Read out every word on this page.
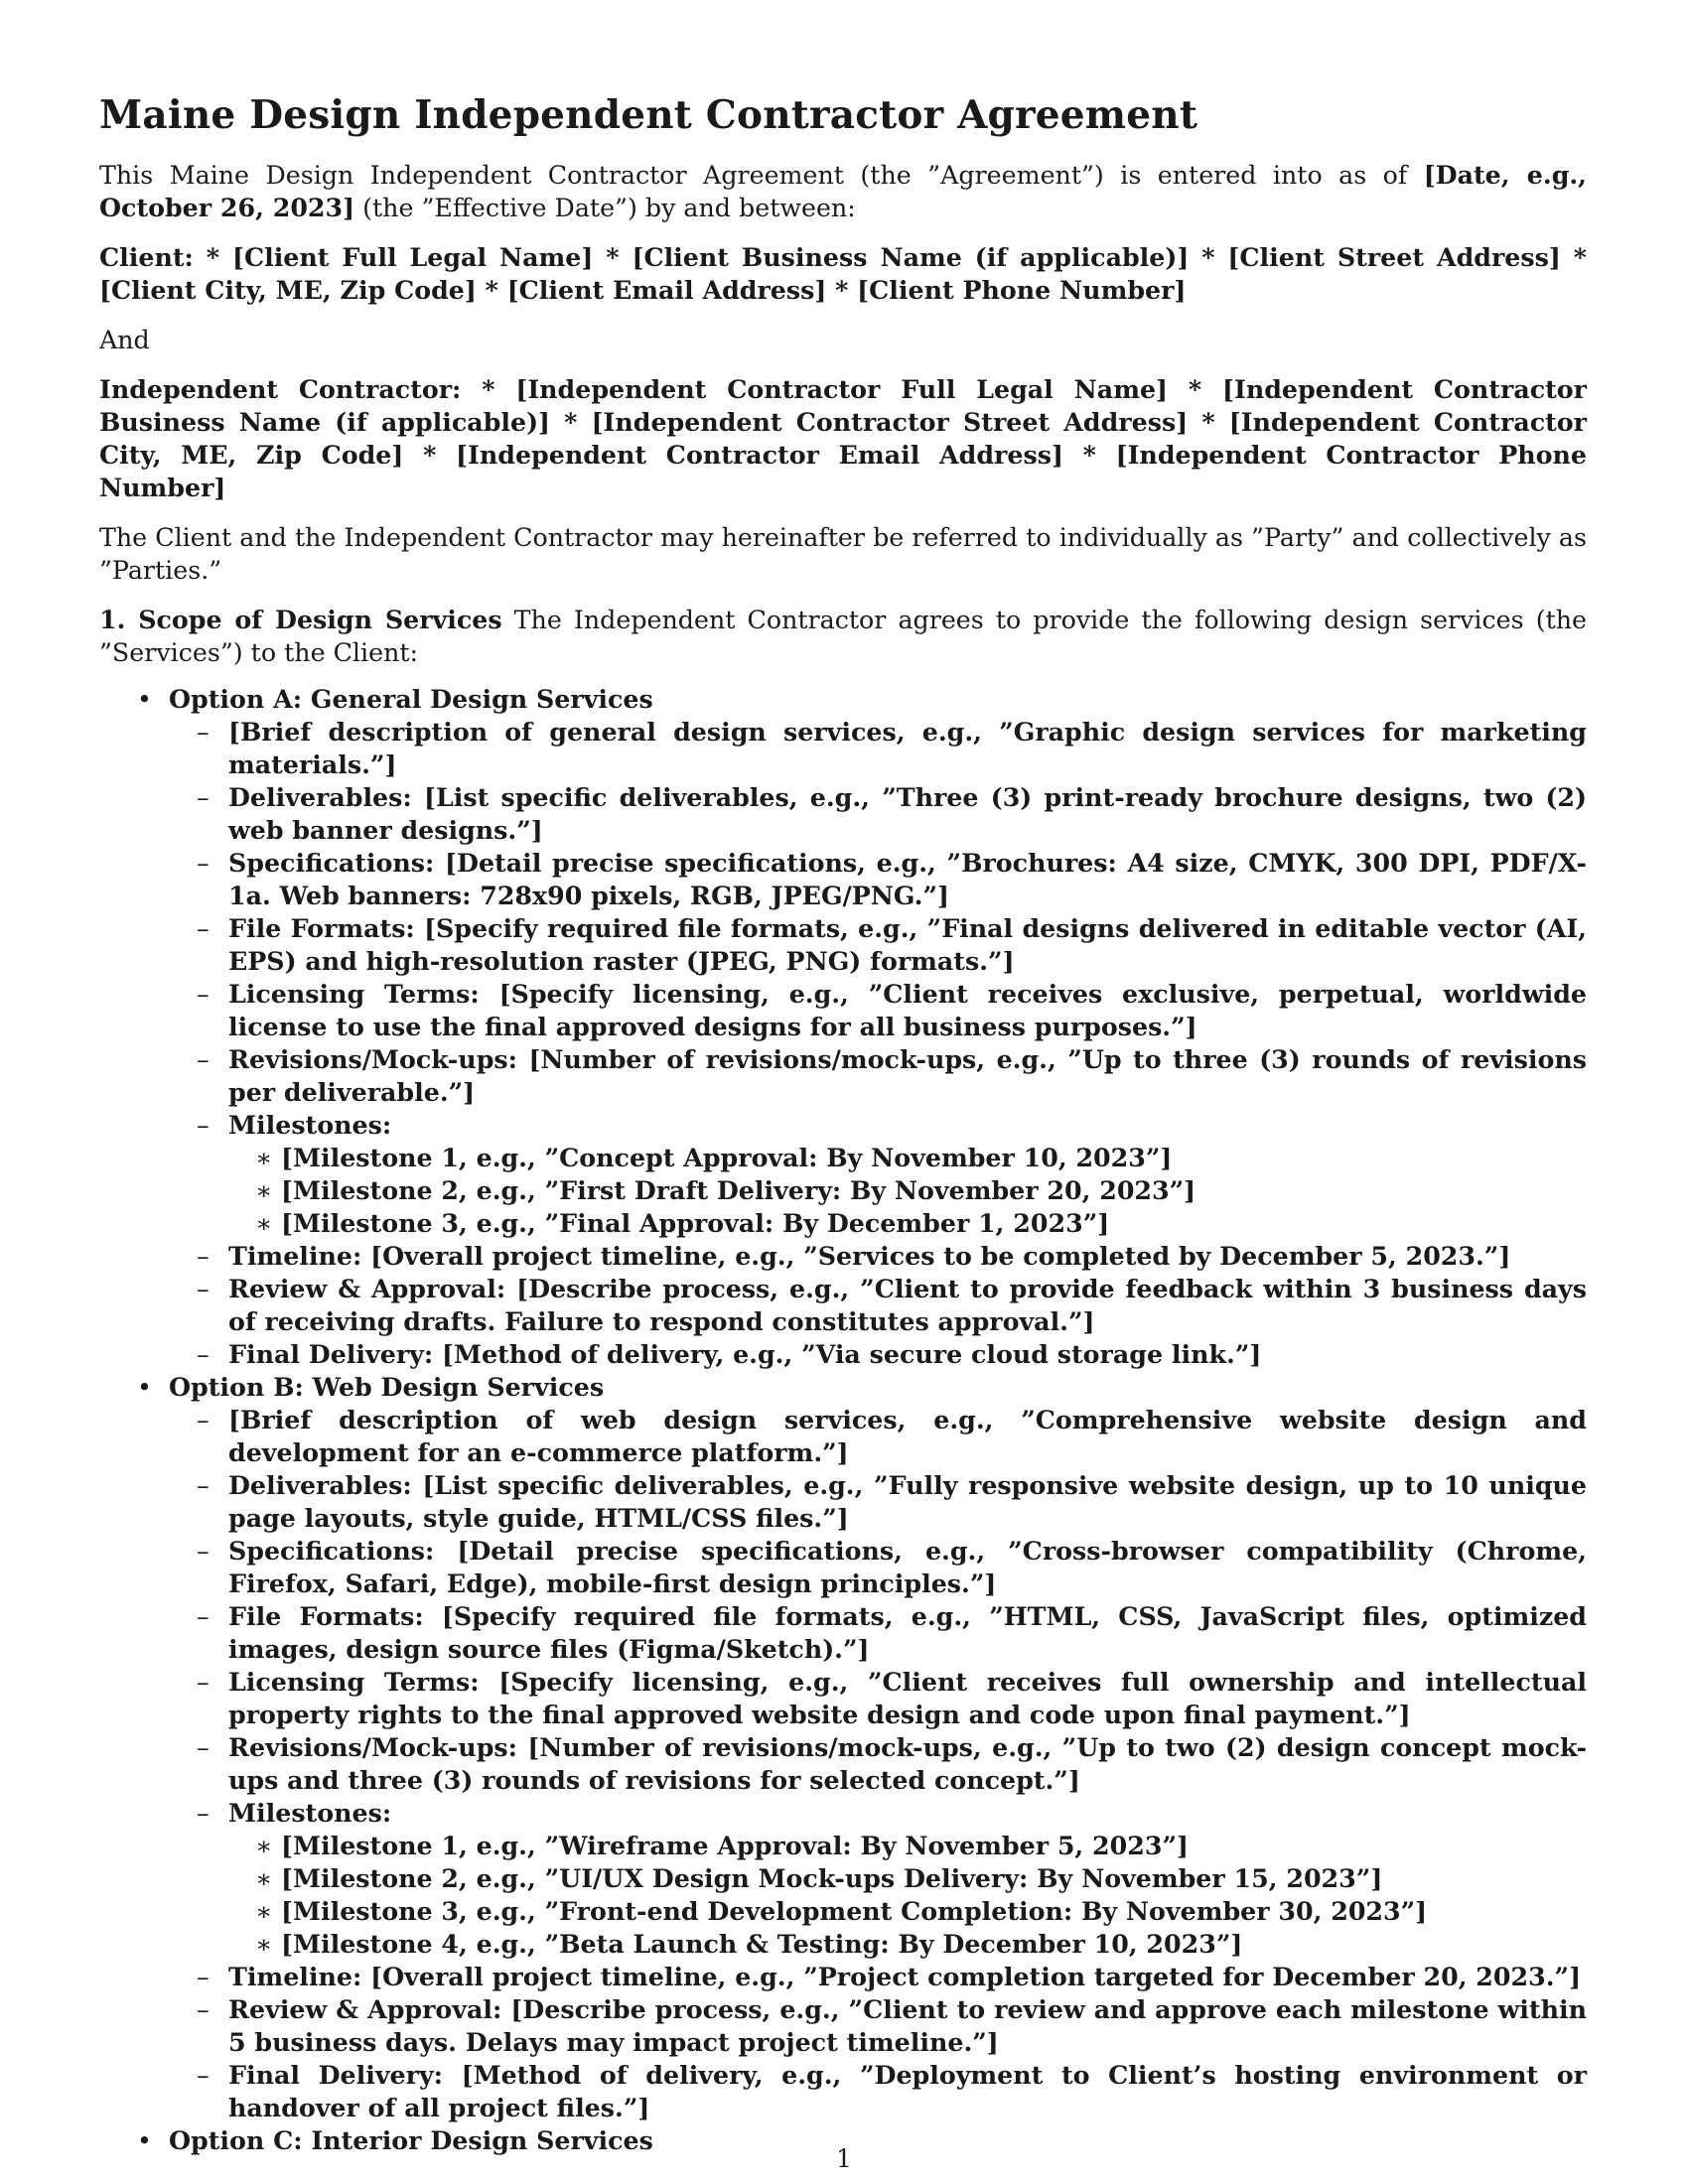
Maine Design Independent Contractor Agreement

This Maine Design Independent Contractor Agreement (the ”Agreement”) is entered into as of [Date, e.g., October 26, 2023] (the ”Effective Date”) by and between:

Client: * [Client Full Legal Name] * [Client Business Name (if applicable)] * [Client Street Address] * [Client City, ME, Zip Code] * [Client Email Address] * [Client Phone Number]

And

Independent Contractor: * [Independent Contractor Full Legal Name] * [Independent Contractor Business Name (if applicable)] * [Independent Contractor Street Address] * [Independent Contractor City, ME, Zip Code] * [Independent Contractor Email Address] * [Independent Contractor Phone Number]

The Client and the Independent Contractor may hereinafter be referred to individually as ”Party” and collectively as ”Parties.”

1. Scope of Design Services The Independent Contractor agrees to provide the following design services (the ”Services”) to the Client:

• Option A: General Design Services
– [Brief description of general design services, e.g., ”Graphic design services for marketing materials.”]
– Deliverables: [List specific deliverables, e.g., ”Three (3) print-ready brochure designs, two (2) web banner designs.”]
– Specifications: [Detail precise specifications, e.g., ”Brochures: A4 size, CMYK, 300 DPI, PDF/X-1a. Web banners: 728x90 pixels, RGB, JPEG/PNG.”]
– File Formats: [Specify required file formats, e.g., ”Final designs delivered in editable vector (AI, EPS) and high-resolution raster (JPEG, PNG) formats.”]
– Licensing Terms: [Specify licensing, e.g., ”Client receives exclusive, perpetual, worldwide license to use the final approved designs for all business purposes.”]
– Revisions/Mock-ups: [Number of revisions/mock-ups, e.g., ”Up to three (3) rounds of revisions per deliverable.”]
– Milestones:
∗ [Milestone 1, e.g., ”Concept Approval: By November 10, 2023”]
∗ [Milestone 2, e.g., ”First Draft Delivery: By November 20, 2023”]
∗ [Milestone 3, e.g., ”Final Approval: By December 1, 2023”]
– Timeline: [Overall project timeline, e.g., ”Services to be completed by December 5, 2023.”]
– Review & Approval: [Describe process, e.g., ”Client to provide feedback within 3 business days of receiving drafts. Failure to respond constitutes approval.”]
– Final Delivery: [Method of delivery, e.g., ”Via secure cloud storage link.”]
• Option B: Web Design Services
– [Brief description of web design services, e.g., ”Comprehensive website design and development for an e-commerce platform.”]
– Deliverables: [List specific deliverables, e.g., ”Fully responsive website design, up to 10 unique page layouts, style guide, HTML/CSS files.”]
– Specifications: [Detail precise specifications, e.g., ”Cross-browser compatibility (Chrome, Firefox, Safari, Edge), mobile-first design principles.”]
– File Formats: [Specify required file formats, e.g., ”HTML, CSS, JavaScript files, optimized images, design source files (Figma/Sketch).”]
– Licensing Terms: [Specify licensing, e.g., ”Client receives full ownership and intellectual property rights to the final approved website design and code upon final payment.”]
– Revisions/Mock-ups: [Number of revisions/mock-ups, e.g., ”Up to two (2) design concept mock-ups and three (3) rounds of revisions for selected concept.”]
– Milestones:
∗ [Milestone 1, e.g., ”Wireframe Approval: By November 5, 2023”]
∗ [Milestone 2, e.g., ”UI/UX Design Mock-ups Delivery: By November 15, 2023”]
∗ [Milestone 3, e.g., ”Front-end Development Completion: By November 30, 2023”]
∗ [Milestone 4, e.g., ”Beta Launch & Testing: By December 10, 2023”]
– Timeline: [Overall project timeline, e.g., ”Project completion targeted for December 20, 2023.”]
– Review & Approval: [Describe process, e.g., ”Client to review and approve each milestone within 5 business days. Delays may impact project timeline.”]
– Final Delivery: [Method of delivery, e.g., ”Deployment to Client’s hosting environment or handover of all project files.”]
• Option C: Interior Design Services
1
